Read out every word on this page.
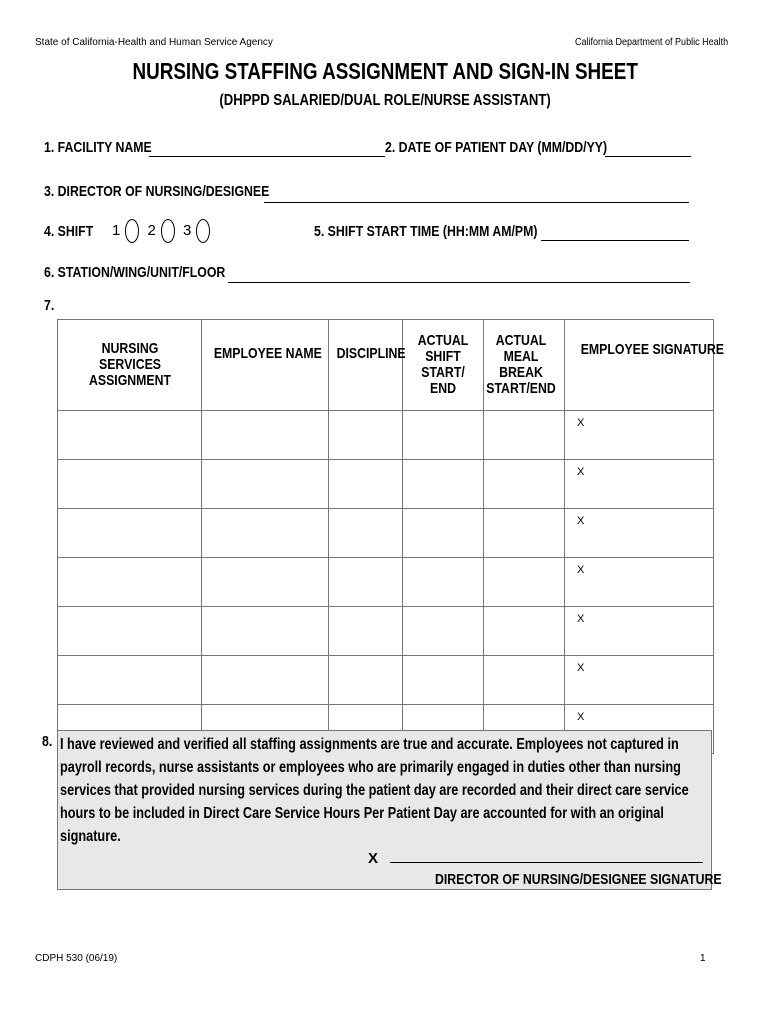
State of California-Health and Human Service Agency	California Department of Public Health
NURSING STAFFING ASSIGNMENT AND SIGN-IN SHEET
(DHPPD SALARIED/DUAL ROLE/NURSE ASSISTANT)
1. FACILITY NAME	2. DATE OF PATIENT DAY (MM/DD/YY)
3. DIRECTOR OF NURSING/DESIGNEE
4. SHIFT	1 2 3	5. SHIFT START TIME (HH:MM AM/PM)
6. STATION/WING/UNIT/FLOOR
7.
NURSING SERVICES ASSIGNMENT	EMPLOYEE NAME	DISCIPLINE	ACTUAL SHIFT START/ END	ACTUAL MEAL BREAK START/END	EMPLOYEE SIGNATURE

					X

					X

					X

					X

					X

					X

					X
8. I have reviewed and verified all staffing assignments are true and accurate. Employees not captured in payroll records, nurse assistants or employees who are primarily engaged in duties other than nursing services that provided nursing services during the patient day are recorded and their direct care service hours to be included in Direct Care Service Hours Per Patient Day are accounted for with an original signature.
X
DIRECTOR OF NURSING/DESIGNEE SIGNATURE
CDPH 530 (06/19)	1
